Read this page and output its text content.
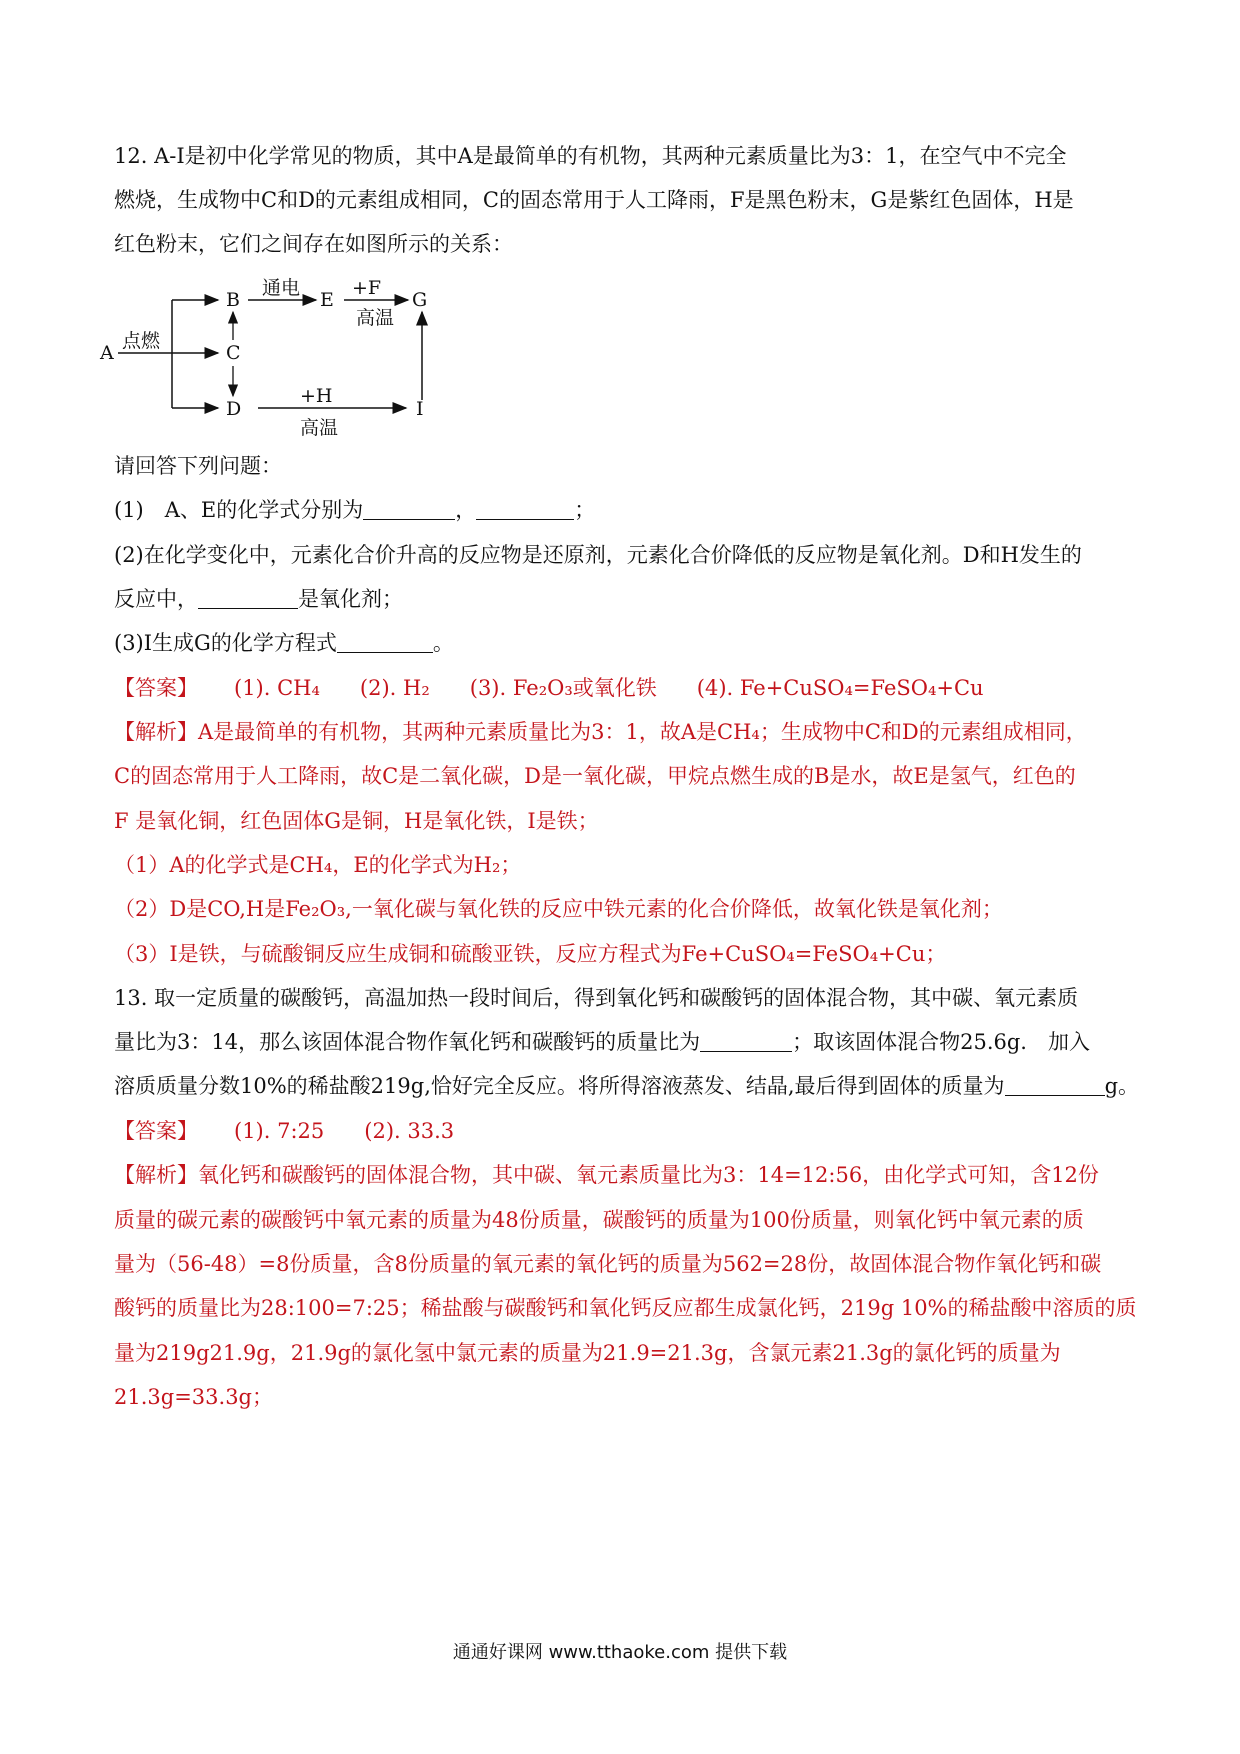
12. A-I是初中化学常见的物质，其中A是最简单的有机物，其两种元素质量比为3：1，在空气中不完全
燃烧，生成物中C和D的元素组成相同，C的固态常用于人工降雨，F是黑色粉末，G是紫红色固体，H是
红色粉末，它们之间存在如图所示的关系：
A
点燃
B
C
D
通电
E
+F
高温
G
+H
高温
I
请回答下列问题：
(1)　A、E的化学式分别为	，	；
(2)在化学变化中，元素化合价升高的反应物是还原剂，元素化合价降低的反应物是氧化剂。D和H发生的
反应中，	是氧化剂；
(3)I生成G的化学方程式	。
【答案】 (1). CH₄ (2). H₂ (3). Fe₂O₃或氧化铁 (4). Fe+CuSO₄=FeSO₄+Cu
【解析】A是最简单的有机物，其两种元素质量比为3：1，故A是CH₄；生成物中C和D的元素组成相同，
C的固态常用于人工降雨，故C是二氧化碳，D是一氧化碳，甲烷点燃生成的B是水，故E是氢气，红色的
F 是氧化铜，红色固体G是铜，H是氧化铁，I是铁；
（1）A的化学式是CH₄，E的化学式为H₂；
（2）D是CO,H是Fe₂O₃,一氧化碳与氧化铁的反应中铁元素的化合价降低，故氧化铁是氧化剂；
（3）I是铁，与硫酸铜反应生成铜和硫酸亚铁，反应方程式为Fe+CuSO₄=FeSO₄+Cu；
13. 取一定质量的碳酸钙，高温加热一段时间后，得到氧化钙和碳酸钙的固体混合物，其中碳、氧元素质
量比为3：14，那么该固体混合物作氧化钙和碳酸钙的质量比为	；取该固体混合物25.6g.　加入
溶质质量分数10%的稀盐酸219g,恰好完全反应。将所得溶液蒸发、结晶,最后得到固体的质量为	g。
【答案】 (1). 7:25 (2). 33.3
【解析】氧化钙和碳酸钙的固体混合物，其中碳、氧元素质量比为3：14=12:56，由化学式可知，含12份
质量的碳元素的碳酸钙中氧元素的质量为48份质量，碳酸钙的质量为100份质量，则氧化钙中氧元素的质
量为（56-48）=8份质量，含8份质量的氧元素的氧化钙的质量为562=28份，故固体混合物作氧化钙和碳
酸钙的质量比为28:100=7:25；稀盐酸与碳酸钙和氧化钙反应都生成氯化钙，219g 10%的稀盐酸中溶质的质
量为219g21.9g，21.9g的氯化氢中氯元素的质量为21.9=21.3g，含氯元素21.3g的氯化钙的质量为
21.3g=33.3g；
通通好课网 www.tthaoke.com 提供下载
